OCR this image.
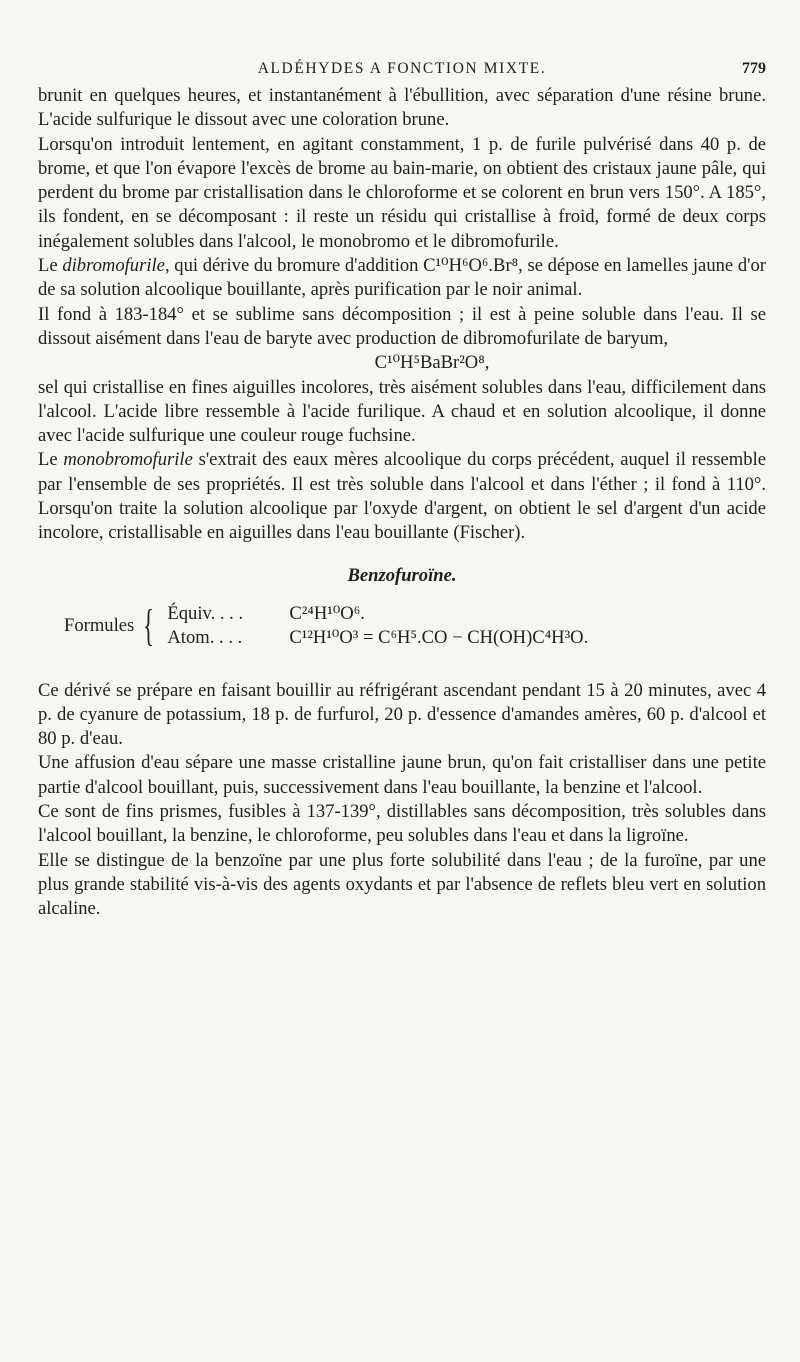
ALDÉHYDES A FONCTION MIXTE.	779

brunit en quelques heures, et instantanément à l'ébullition, avec séparation d'une résine brune. L'acide sulfurique le dissout avec une coloration brune.

Lorsqu'on introduit lentement, en agitant constamment, 1 p. de furile pulvérisé dans 40 p. de brome, et que l'on évapore l'excès de brome au bain-marie, on obtient des cristaux jaune pâle, qui perdent du brome par cristallisation dans le chloroforme et se colorent en brun vers 150°. A 185°, ils fondent, en se décomposant : il reste un résidu qui cristallise à froid, formé de deux corps inégalement solubles dans l'alcool, le monobromo et le dibromofurile.

Le dibromofurile, qui dérive du bromure d'addition C¹⁰H⁶O⁶.Br⁸, se dépose en lamelles jaune d'or de sa solution alcoolique bouillante, après purification par le noir animal.

Il fond à 183-184° et se sublime sans décomposition ; il est à peine soluble dans l'eau. Il se dissout aisément dans l'eau de baryte avec production de dibromofurilate de baryum,

C¹⁰H⁵BaBr²O⁸,

sel qui cristallise en fines aiguilles incolores, très aisément solubles dans l'eau, difficilement dans l'alcool. L'acide libre ressemble à l'acide furilique. A chaud et en solution alcoolique, il donne avec l'acide sulfurique une couleur rouge fuchsine.

Le monobromofurile s'extrait des eaux mères alcoolique du corps précédent, auquel il ressemble par l'ensemble de ses propriétés. Il est très soluble dans l'alcool et dans l'éther ; il fond à 110°. Lorsqu'on traite la solution alcoolique par l'oxyde d'argent, on obtient le sel d'argent d'un acide incolore, cristallisable en aiguilles dans l'eau bouillante (Fischer).

Benzofuroïne.
Formules { Équiv. . . . C²⁴H¹⁰O⁶.
Atom. . . .	C¹²H¹⁰O³ = C⁶H⁵.CO − CH(OH)C⁴H³O.

Ce dérivé se prépare en faisant bouillir au réfrigérant ascendant pendant 15 à 20 minutes, avec 4 p. de cyanure de potassium, 18 p. de furfurol, 20 p. d'essence d'amandes amères, 60 p. d'alcool et 80 p. d'eau.

Une affusion d'eau sépare une masse cristalline jaune brun, qu'on fait cristalliser dans une petite partie d'alcool bouillant, puis, successivement dans l'eau bouillante, la benzine et l'alcool.

Ce sont de fins prismes, fusibles à 137-139°, distillables sans décomposition, très solubles dans l'alcool bouillant, la benzine, le chloroforme, peu solubles dans l'eau et dans la ligroïne.

Elle se distingue de la benzoïne par une plus forte solubilité dans l'eau ; de la furoïne, par une plus grande stabilité vis-à-vis des agents oxydants et par l'absence de reflets bleu vert en solution alcaline.
